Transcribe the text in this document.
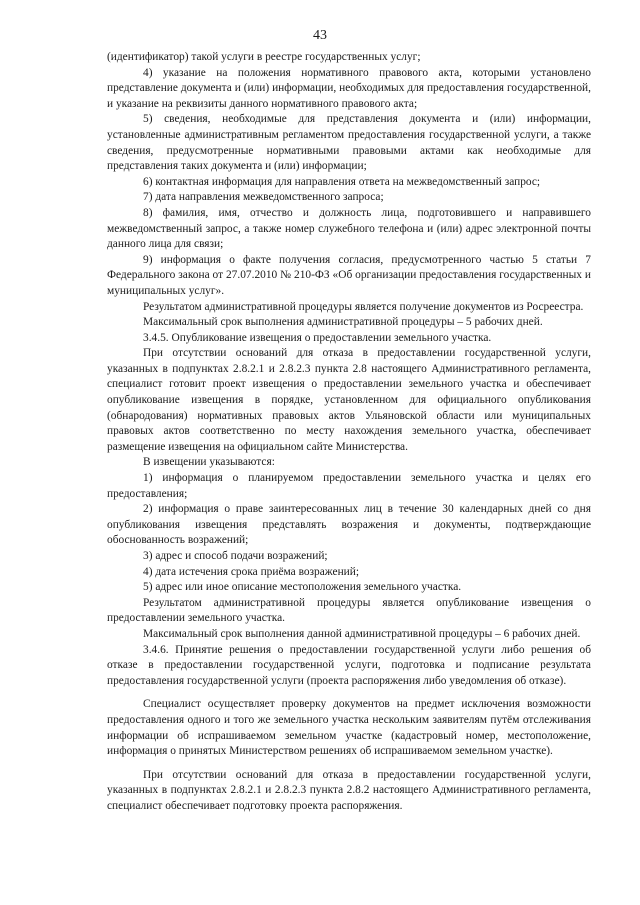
43

(идентификатор) такой услуги в реестре государственных услуг;

4) указание на положения нормативного правового акта, которыми установлено представление документа и (или) информации, необходимых для предоставления государственной, и указание на реквизиты данного нормативного правового акта;

5) сведения, необходимые для представления документа и (или) информации, установленные административным регламентом предоставления государственной услуги, а также сведения, предусмотренные нормативными правовыми актами как необходимые для представления таких документа и (или) информации;

6) контактная информация для направления ответа на межведомственный запрос;

7) дата направления межведомственного запроса;

8) фамилия, имя, отчество и должность лица, подготовившего и направившего межведомственный запрос, а также номер служебного телефона и (или) адрес электронной почты данного лица для связи;

9) информация о факте получения согласия, предусмотренного частью 5 статьи 7 Федерального закона от 27.07.2010 № 210-ФЗ «Об организации предоставления государственных и муниципальных услуг».

Результатом административной процедуры является получение документов из Росреестра.

Максимальный срок выполнения административной процедуры – 5 рабочих дней.

3.4.5. Опубликование извещения о предоставлении земельного участка.

При отсутствии оснований для отказа в предоставлении государственной услуги, указанных в подпунктах 2.8.2.1 и 2.8.2.3 пункта 2.8 настоящего Административного регламента, специалист готовит проект извещения о предоставлении земельного участка и обеспечивает опубликование извещения в порядке, установленном для официального опубликования (обнародования) нормативных правовых актов Ульяновской области или муниципальных правовых актов соответственно по месту нахождения земельного участка, обеспечивает размещение извещения на официальном сайте Министерства.

В извещении указываются:

1) информация о планируемом предоставлении земельного участка и целях его предоставления;

2) информация о праве заинтересованных лиц в течение 30 календарных дней со дня опубликования извещения представлять возражения и документы, подтверждающие обоснованность возражений;

3) адрес и способ подачи возражений;

4) дата истечения срока приёма возражений;

5) адрес или иное описание местоположения земельного участка.

Результатом административной процедуры является опубликование извещения о предоставлении земельного участка.

Максимальный срок выполнения данной административной процедуры – 6 рабочих дней.

3.4.6. Принятие решения о предоставлении государственной услуги либо решения об отказе в предоставлении государственной услуги, подготовка и подписание результата предоставления государственной услуги (проекта распоряжения либо уведомления об отказе).

Специалист осуществляет проверку документов на предмет исключения возможности предоставления одного и того же земельного участка нескольким заявителям путём отслеживания информации об испрашиваемом земельном участке (кадастровый номер, местоположение, информация о принятых Министерством решениях об испрашиваемом земельном участке).

При отсутствии оснований для отказа в предоставлении государственной услуги, указанных в подпунктах 2.8.2.1 и 2.8.2.3 пункта 2.8.2 настоящего Административного регламента, специалист обеспечивает подготовку проекта распоряжения.
